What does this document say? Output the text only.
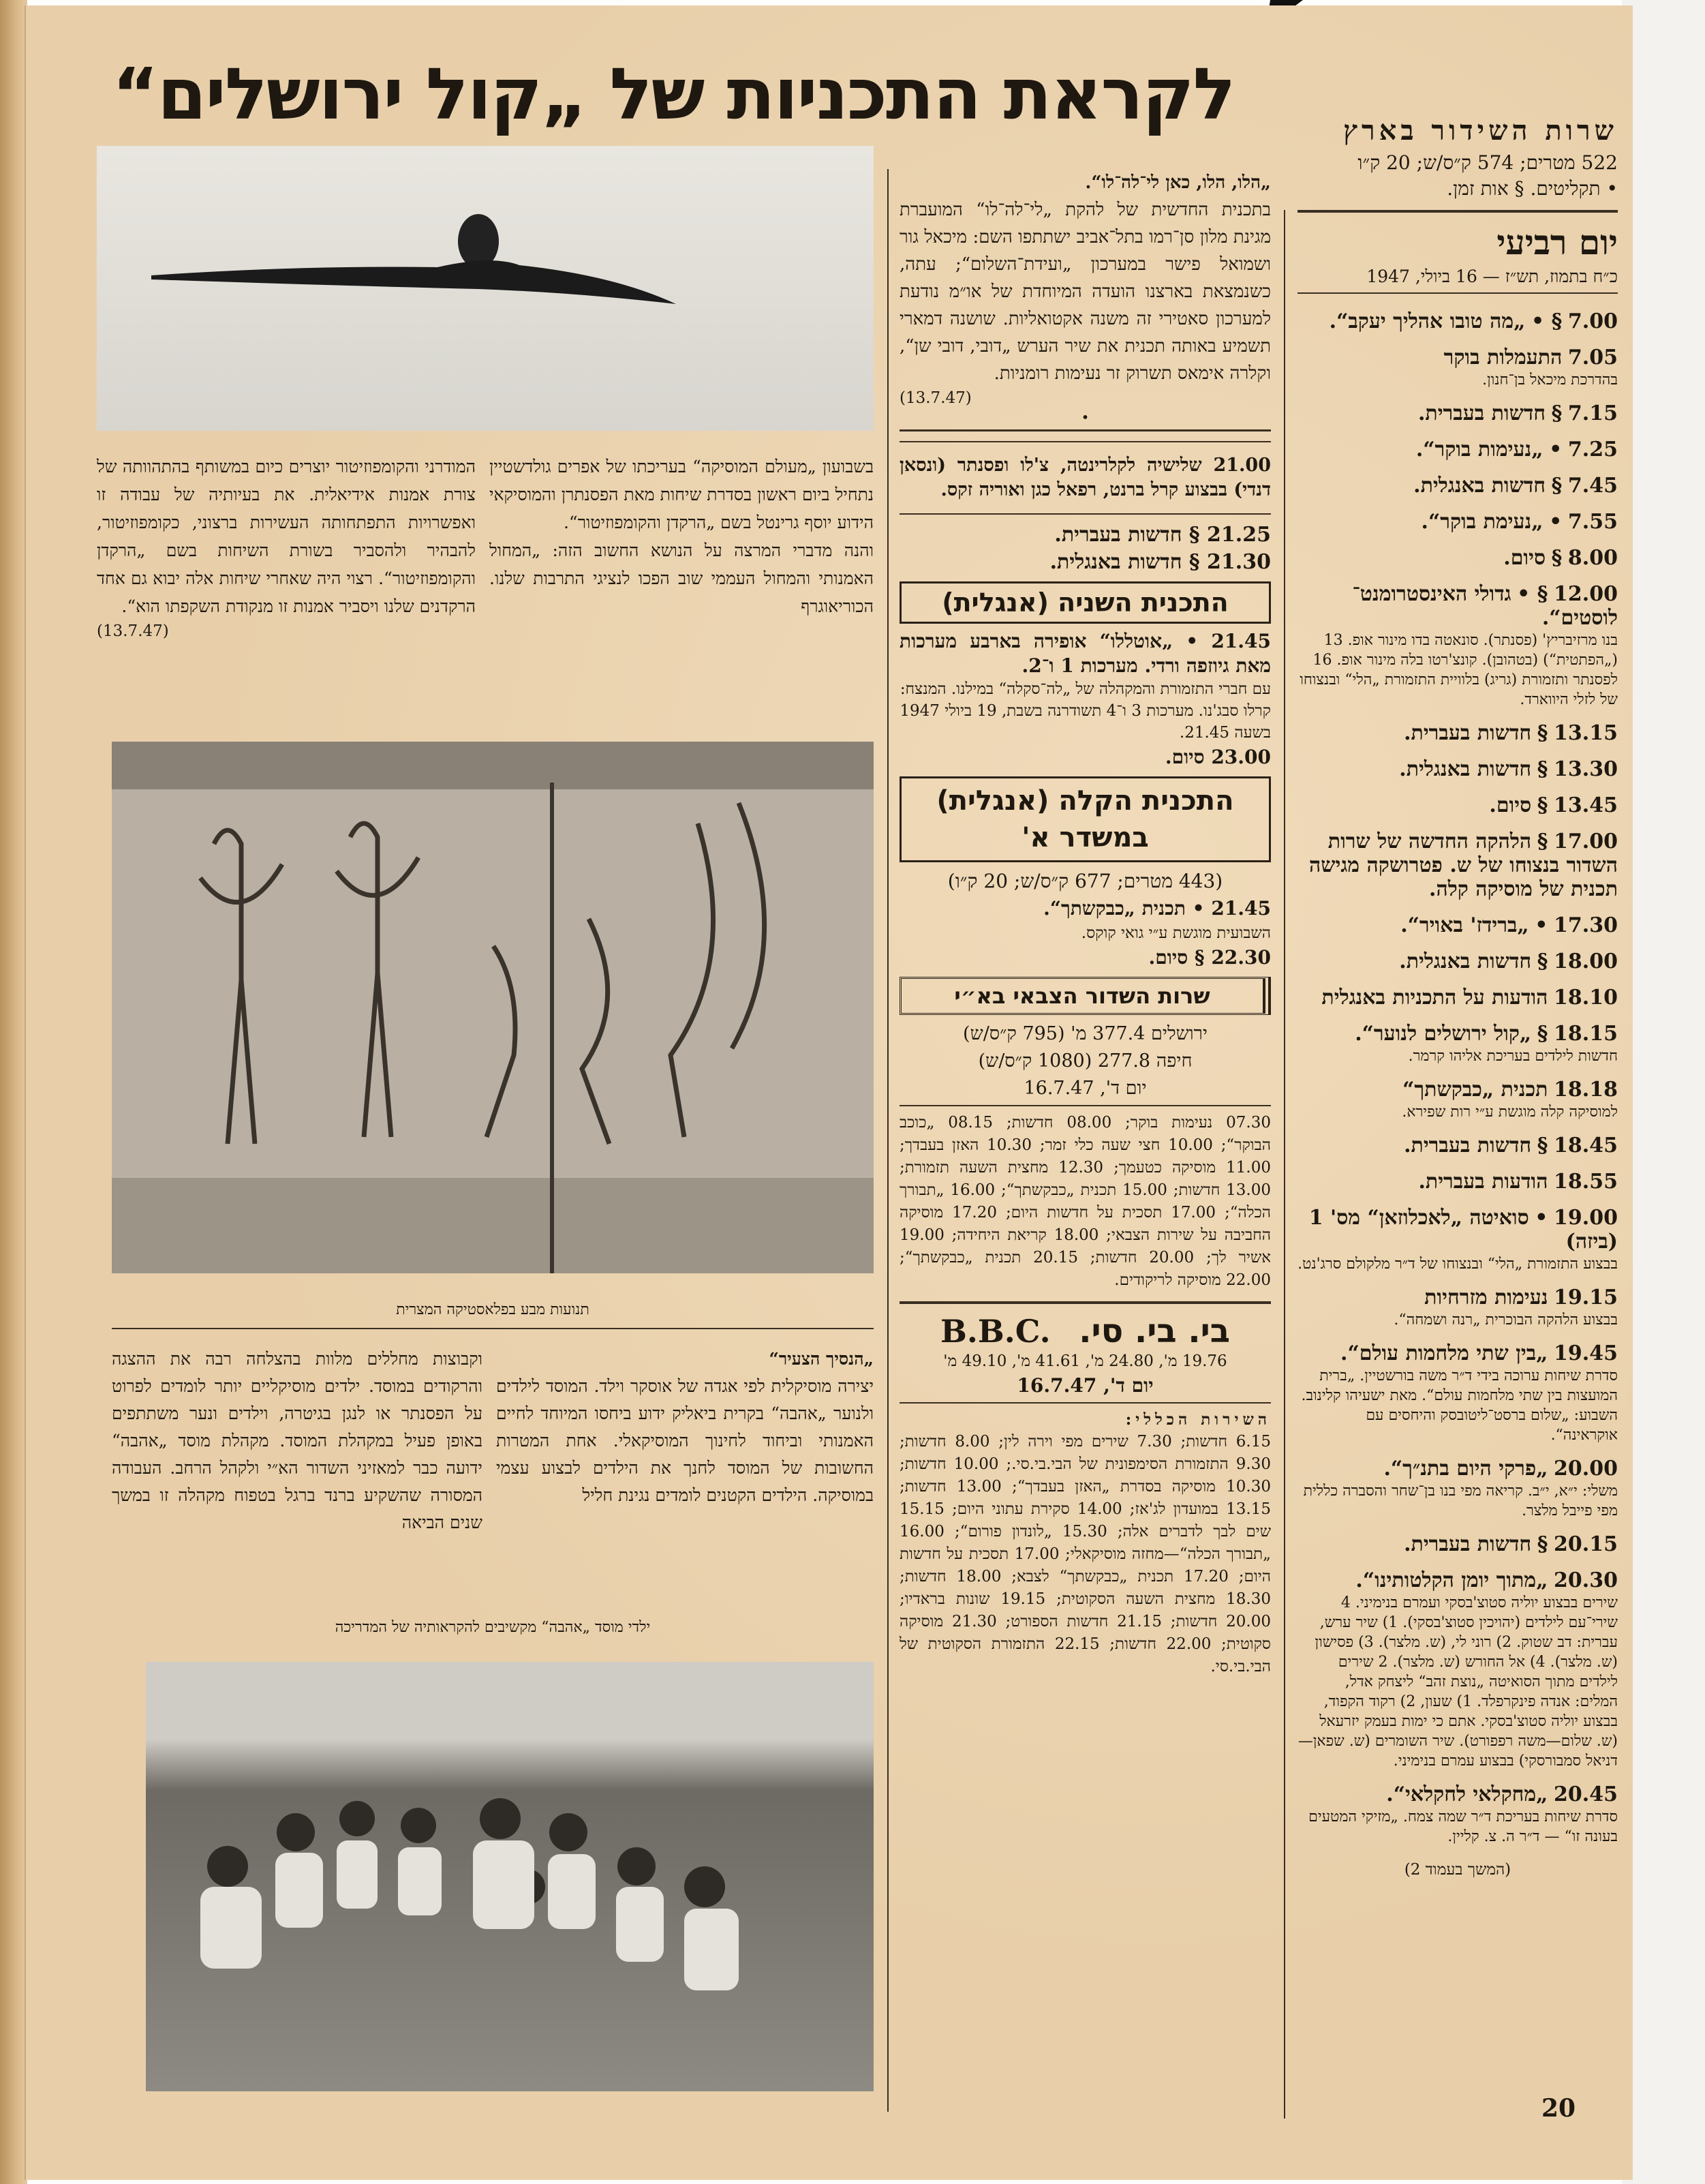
לקראת התכניות של „קול ירושלים“	שרות השידור בארץ
522 מטרים; 574 ק״ס/ש; 20 ק״ו
• תקליטים. § אות זמן.
יום רביעי
כ״ח בתמוז, תש״ז — 16 ביולי, 1947
7.00 § • „מה טובו אהליך יעקב“.
7.05 התעמלות בוקר
בהדרכת מיכאל בן־חנון.
7.15 § חדשות בעברית.
7.25 • „נעימות בוקר“.
7.45 § חדשות באנגלית.
7.55 • „נעימת בוקר“.
8.00 § סיום.
12.00 § • גדולי האינסטרומנט־ לוסטים“.
בנו מרזיבריץ' (פסנתר). סונאטה בדו מינור אופ. 13 („הפתטית“) (בטהובן). קונצ'רטו בלה מינור אופ. 16 לפסנתר ותזמורת (גריג) בלוויית התזמורת „הלי“ ובנצוחו של לזלי היווארד.
13.15 § חדשות בעברית.
13.30 § חדשות באנגלית.
13.45 § סיום.
17.00 § הלהקה החדשה של שרות השדור בנצוחו של ש. פטרושקה מגישה תכנית של מוסיקה קלה.
17.30 • „ברידז' באויר“.
18.00 § חדשות באנגלית.
18.10 הודעות על התכניות באנגלית
18.15 § „קול ירושלים לנוער“.
חדשות לילדים בעריכת אליהו קרמר.
18.18 תכנית „כבקשתך“
למוסיקה קלה מוגשת ע״י רות שפירא.
18.45 § חדשות בעברית.
18.55 הודעות בעברית.
19.00 • סואיטה „לאכלוזאן“ מס' 1 (ביזה)
בבצוע התזמורת „הלי“ ובנצוחו של ד״ר מלקולם סרג'נט.
19.15 נעימות מזרחיות
בבצוע הלהקה הבוכרית „רנה ושמחה“.
19.45 „בין שתי מלחמות עולם“.
סדרת שיחות ערוכה בידי ד״ר משה בורשטיין. „ברית המועצות בין שתי מלחמות עולם“. מאת ישעיהו קלינוב. השבוע: „שלום ברסט־ליטובסק והיחסים עם אוקראינה“.
20.00 „פרקי היום בתנ״ך“.
משלי: י״א, י״ב. קריאה מפי בנו בן־שחר והסברה כללית מפי פייבל מלצר.
20.15 § חדשות בעברית.
20.30 „מתוך יומן הקלטותינו“.
שירים בבצוע יוליה סטוצ'בסקי ועמרם בנימיני. 4 שירי־עם לילדים (יהויכין סטוצ'בסקי). 1) שיר ערש, עברית: דב שטוק. 2) רוני לי, (ש. מלצר). 3) פסישון (ש. מלצר). 4) אל החורש (ש. מלצר). 2 שירים לילדים מתוך הסואיטה „נוצת זהב“ ליצחק אדל, המלים: אנדה פינקרפלד. 1) שעון, 2) רקוד הקפוד, בבצוע יוליה סטוצ'בסקי. אתם כי ימות בעמק יזרעאל (ש. שלום—משה רפפורט). שיר השומרים (ש. שפאן—דניאל סמבורסקי) בבצוע עמרם בנימיני.
20.45 „מחקלאי לחקלאי“.
סדרת שיחות בעריכת ד״ר שמה צמח. „מזיקי המטעים בעונה זו“ — ד״ר ה. צ. קליין.
(המשך בעמוד 2)
„הלו, הלו, כאן לי־לה־לו“.
בתכנית החדשית של להקת „לי־לה־לו“ המועברת מגינת מלון סן־רמו בתל־אביב ישתתפו השם: מיכאל גור ושמואל פישר במערכון „ועידת־השלום“; עתה, כשנמצאת בארצנו הועדה המיוחדת של או״מ נודעת למערכון סאטירי זה משנה אקטואליות. שושנה דמארי תשמיע באותה תכנית את שיר הערש „דובי, דובי שן“, וקלרה אימאס תשרוק זר נעימות רומניות.
(13.7.47)
•
21.00 שלישיה לקלרינטה, צ'לו ופסנתר (ונסאן דנדי) בבצוע קרל ברנט, רפאל כגן ואוריה זקס.
21.25 § חדשות בעברית.
21.30 § חדשות באנגלית.
התכנית השניה (אנגלית)
21.45 • „אוטללו“ אופירה בארבע מערכות מאת גיוזפה ורדי. מערכות 1 ו־2.
עם חברי התזמורת והמקהלה של „לה־סקלה“ במילנו. המנצח: קרלו סבג'נו. מערכות 3 ו־4 תשודרנה בשבת, 19 ביולי 1947 בשעה 21.45.
23.00 סיום.
התכנית הקלה (אנגלית) במשדר א'
(443 מטרים; 677 ק״ס/ש; 20 ק״ו)
21.45 • תכנית „כבקשתך“.
השבועית מוגשת ע״י גואי קוקס.
22.30 § סיום.
שרות השדור הצבאי בא״י
ירושלים 377.4 מ' (795 ק״ס/ש)
חיפה 277.8 (1080 ק״ס/ש)
יום ד', 16.7.47
07.30 נעימות בוקר; 08.00 חדשות; 08.15 „כוכב הבוקר“; 10.00 חצי שעה כלי זמר; 10.30 האזן בעבדך; 11.00 מוסיקה כטעמך; 12.30 מחצית השעה תזמורת; 13.00 חדשות; 15.00 תכנית „כבקשתך“; 16.00 „תבורך הכלה“; 17.00 תסכית על חדשות היום; 17.20 מוסיקה החביבה על שירות הצבאי; 18.00 קריאת היחידה; 19.00 אשיר לך; 20.00 חדשות; 20.15 תכנית „כבקשתך“; 22.00 מוסיקה לריקודים.
בי. בי. סי.
B.B.C.
19.76 מ', 24.80 מ', 41.61 מ', 49.10 מ'
יום ד', 16.7.47
השירות הכללי:
6.15 חדשות; 7.30 שירים מפי וירה לין; 8.00 חדשות; 9.30 התזמורת הסימפונית של הבי.בי.סי.; 10.00 חדשות; 10.30 מוסיקה בסדרת „האזן בעבדך“; 13.00 חדשות; 13.15 במועדון לג'אז; 14.00 סקירת עתוני היום; 15.15 שים לבך לדברים אלה; 15.30 „לונדון פורום“; 16.00 „תבורך הכלה“—מחזה מוסיקאלי; 17.00 תסכית על חדשות היום; 17.20 תכנית „כבקשתך“ לצבא; 18.00 חדשות; 18.30 מחצית השעה הסקוטית; 19.15 שונות בראדיו; 20.00 חדשות; 21.15 חדשות הספורט; 21.30 מוסיקה סקוטית; 22.00 חדשות; 22.15 התזמורת הסקוטית של הבי.בי.סי.
בשבועון „מעולם המוסיקה“ בעריכתו של אפרים גולדשטיין נתחיל ביום ראשון בסדרת שיחות מאת הפסנתרן והמוסיקאי הידוע יוסף גרינטל בשם „הרקדן והקומפוזיטור“.
והנה מדברי המרצה על הנושא החשוב הזה: „המחול האמנותי והמחול העממי שוב הפכו לנציגי התרבות שלנו. הכוריאוגרף
המודרני והקומפוזיטור יוצרים כיום במשותף בהתהוותה של צורת אמנות אידיאלית. את בעיותיה של עבודה זו ואפשרויות התפתחותה העשירות ברצוני, כקומפוזיטור, להבהיר ולהסביר בשורת השיחות בשם „הרקדן והקומפוזיטור“. רצוי היה שאחרי שיחות אלה יבוא גם אחד הרקדנים שלנו ויסביר אמנות זו מנקודת השקפתו הוא“.
(13.7.47)
תנועות מבע בפלאסטיקה המצרית
„הנסיך הצעיר“
יצירה מוסיקלית לפי אגדה של אוסקר וילד. המוסד לילדים ולנוער „אהבה“ בקרית ביאליק ידוע ביחסו המיוחד לחיים האמנותי וביחוד לחינוך המוסיקאלי. אחת המטרות החשובות של המוסד לחנך את הילדים לבצוע עצמי במוסיקה. הילדים הקטנים לומדים נגינת חליל
וקבוצות מחללים מלוות בהצלחה רבה את ההצגה והרקודים במוסד. ילדים מוסיקליים יותר לומדים לפרוט על הפסנתר או לנגן בגיטרה, וילדים ונער משתתפים באופן פעיל במקהלת המוסד. מקהלת מוסד „אהבה“ ידועה כבר למאזיני השדור הא״י ולקהל הרחב. העבודה המסורה שהשקיע ברנד ברגל בטפוח מקהלה זו במשך שנים הביאה
ילדי מוסד „אהבה“ מקשיבים להקראותיה של המדריכה
20
